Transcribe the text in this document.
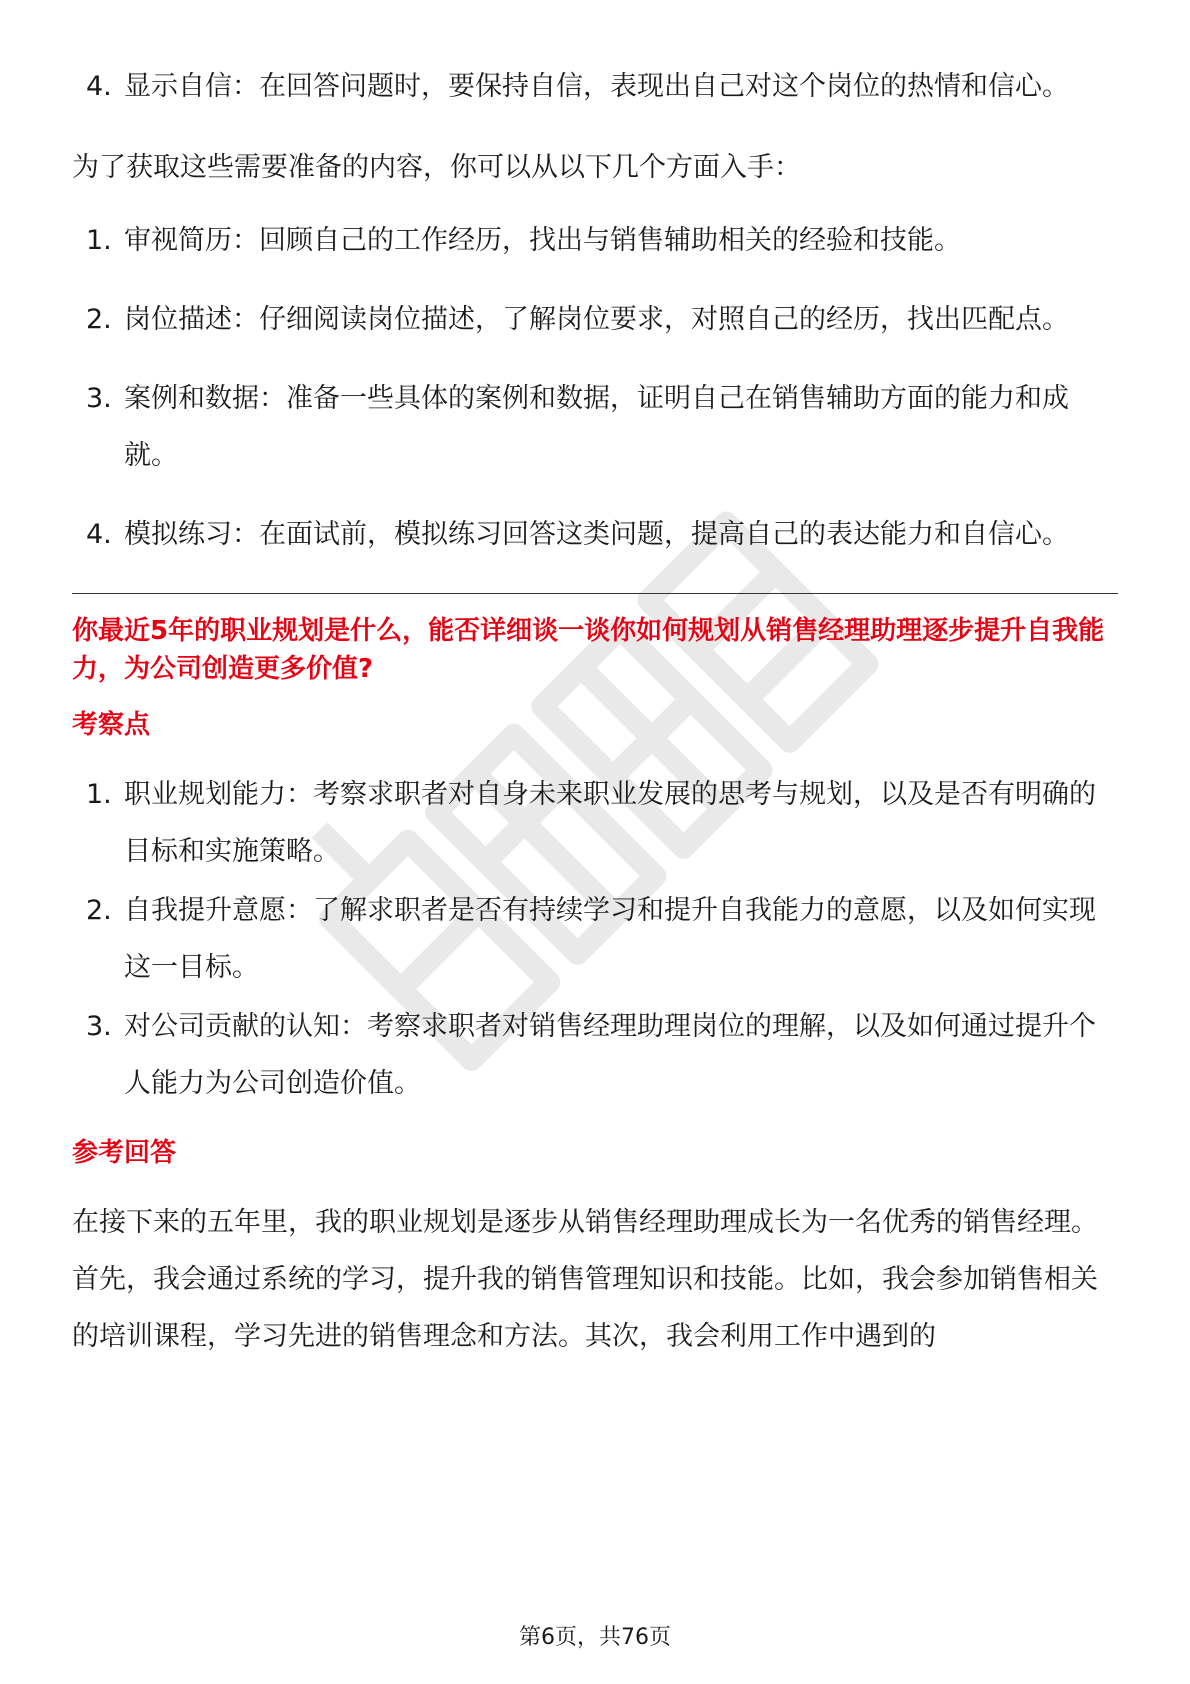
4. 显示自信：在回答问题时，要保持自信，表现出自己对这个岗位的热情和信心。
为了获取这些需要准备的内容，你可以从以下几个方面入手：
1. 审视简历：回顾自己的工作经历，找出与销售辅助相关的经验和技能。
2. 岗位描述：仔细阅读岗位描述，了解岗位要求，对照自己的经历，找出匹配点。
3. 案例和数据：准备一些具体的案例和数据，证明自己在销售辅助方面的能力和成就。
4. 模拟练习：在面试前，模拟练习回答这类问题，提高自己的表达能力和自信心。
你最近5年的职业规划是什么，能否详细谈一谈你如何规划从销售经理助理逐步提升自我能力，为公司创造更多价值?
考察点
1. 职业规划能力：考察求职者对自身未来职业发展的思考与规划，以及是否有明确的目标和实施策略。
2. 自我提升意愿：了解求职者是否有持续学习和提升自我能力的意愿，以及如何实现这一目标。
3. 对公司贡献的认知：考察求职者对销售经理助理岗位的理解，以及如何通过提升个人能力为公司创造价值。
参考回答
在接下来的五年里，我的职业规划是逐步从销售经理助理成长为一名优秀的销售经理。首先，我会通过系统的学习，提升我的销售管理知识和技能。比如，我会参加销售相关的培训课程，学习先进的销售理念和方法。其次，我会利用工作中遇到的
第6页，共76页
